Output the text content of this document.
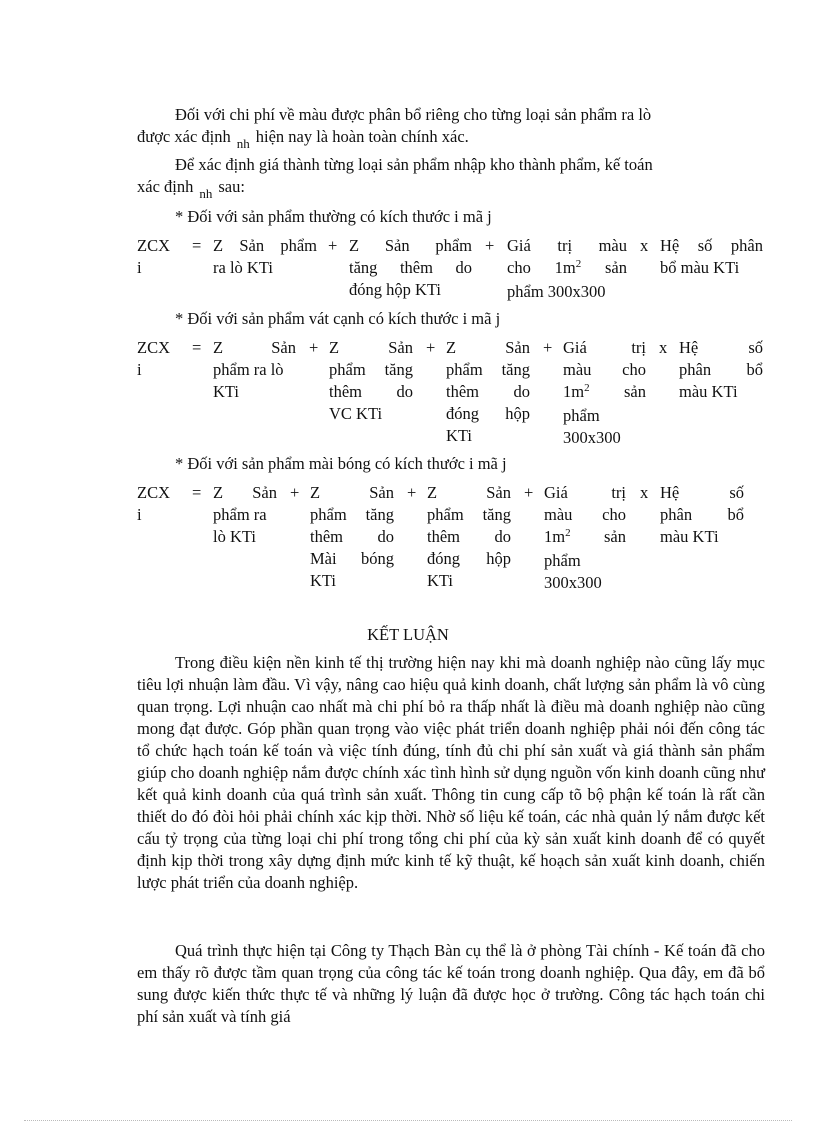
Đối với chi phí về màu được phân bổ riêng cho từng loại sản phẩm ra lò
được xác định $_{nh}$ hiện nay là hoàn toàn chính xác.
Để xác định giá thành từng loại sản phẩm nhập kho thành phẩm, kế toán
xác định $_{nh}$ sau:
* Đối với sản phẩm thường có kích thước i mã j
ZCX
i
= Z Sản phẩm
ra lò KTi
+ Z Sản phẩm
tăng thêm do
đóng hộp KTi
+ Giá trị màu
cho $1m^2$ sản
phẩm 300x300
x Hệ số phân
bổ màu KTi
* Đối với sản phẩm vát cạnh có kích thước i mã j
ZCX
i
= Z Sản
phẩm ra lò
KTi
+ Z Sản
phẩm tăng
thêm do
VC KTi
+ Z Sản
phẩm tăng
thêm do
đóng hộp
KTi
+ Giá trị
màu cho
$1m^2$ sản
phẩm
300x300
x Hệ số
phân bổ
màu KTi
* Đối với sản phẩm mài bóng có kích thước i mã j
ZCX
i
= Z Sản
phẩm ra
lò KTi
+ Z Sản
phẩm tăng
thêm do
Mài bóng
KTi
+ Z Sản
phẩm tăng
thêm do
đóng hộp
KTi
+ Giá trị
màu cho
$1m^2$ sản
phẩm
300x300
x Hệ số
phân bổ
màu KTi
KẾT LUẬN

Trong điều kiện nền kinh tế thị trường hiện nay khi mà doanh nghiệp nào cũng lấy mục tiêu lợi nhuận làm đầu. Vì vậy, nâng cao hiệu quả kinh doanh, chất lượng sản phẩm là vô cùng quan trọng. Lợi nhuận cao nhất mà chi phí bỏ ra thấp nhất là điều mà doanh nghiệp nào cũng mong đạt được. Góp phần quan trọng vào việc phát triển doanh nghiệp phải nói đến công tác tổ chức hạch toán kế toán và việc tính đúng, tính đủ chi phí sản xuất và giá thành sản phẩm giúp cho doanh nghiệp nắm được chính xác tình hình sử dụng nguồn vốn kinh doanh cũng như kết quả kinh doanh của quá trình sản xuất. Thông tin cung cấp tõ bộ phận kế toán là rất cần thiết do đó đòi hỏi phải chính xác kịp thời. Nhờ số liệu kế toán, các nhà quản lý nắm được kết cấu tỷ trọng của từng loại chi phí trong tổng chi phí của kỳ sản xuất kinh doanh để có quyết định kịp thời trong xây dựng định mức kinh tế kỹ thuật, kế hoạch sản xuất kinh doanh, chiến lược phát triển của doanh nghiệp.

Quá trình thực hiện tại Công ty Thạch Bàn cụ thể là ở phòng Tài chính - Kế toán đã cho em thấy rõ được tầm quan trọng của công tác kế toán trong doanh nghiệp. Qua đây, em đã bổ sung được kiến thức thực tế và những lý luận đã được học ở trường. Công tác hạch toán chi phí sản xuất và tính giá
